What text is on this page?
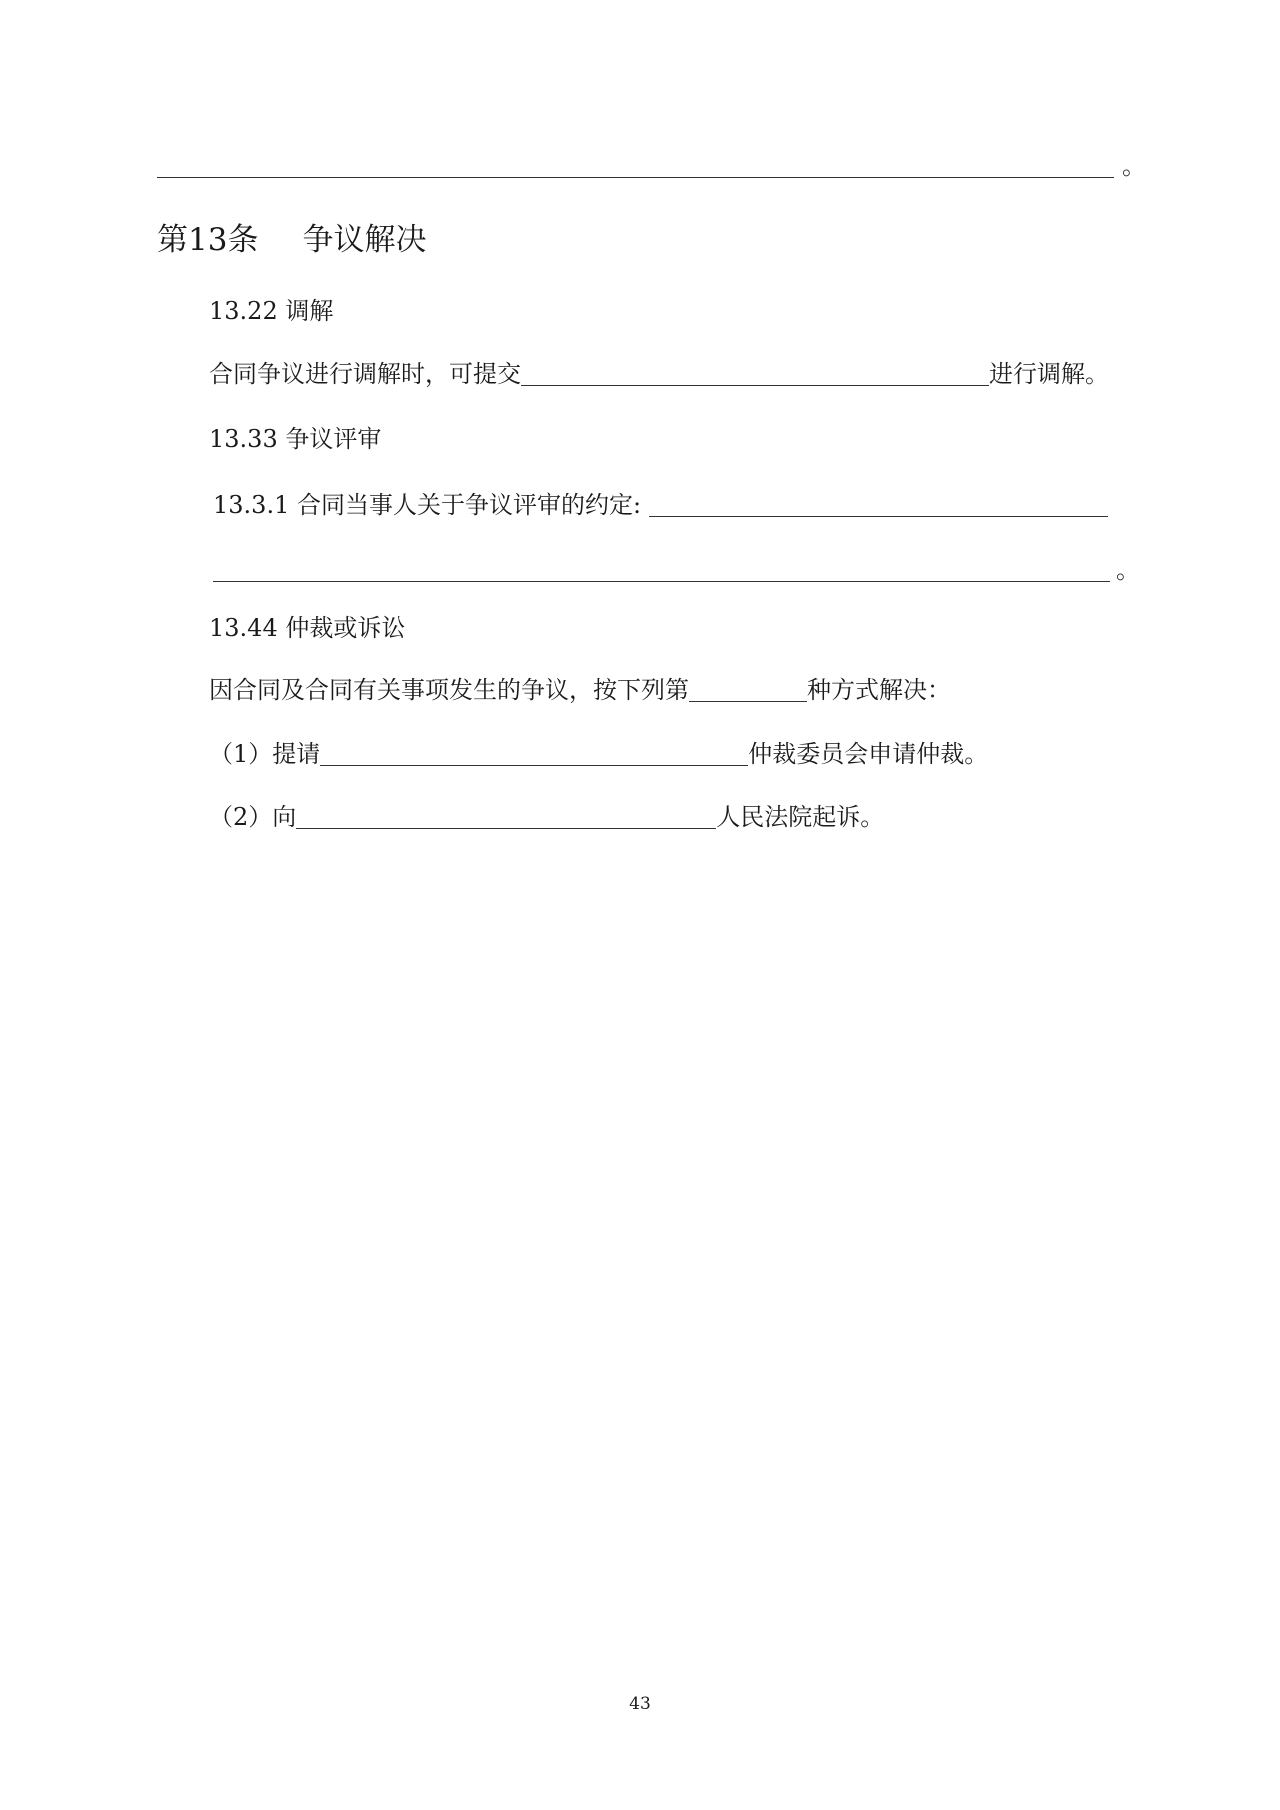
。
第13条 争议解决
13.22 调解
合同争议进行调解时，可提交	进行调解。
13.33 争议评审
13.3.1 合同当事人关于争议评审的约定:
。
13.44 仲裁或诉讼
因合同及合同有关事项发生的争议，按下列第	种方式解决：
（1）提请	仲裁委员会申请仲裁。
（2）向	人民法院起诉。
43
